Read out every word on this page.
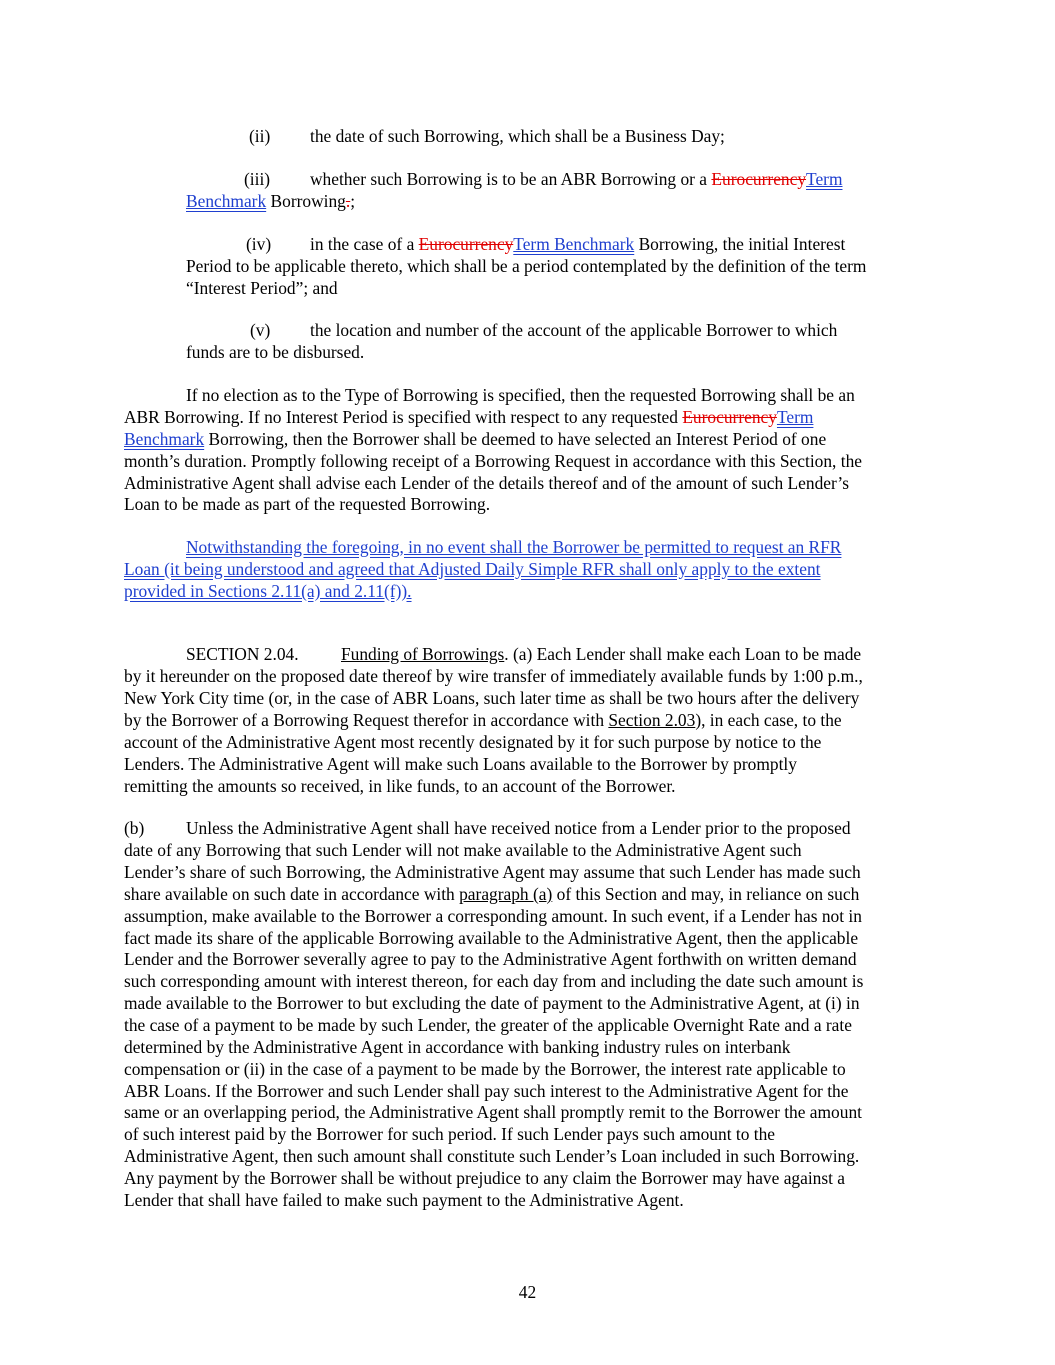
(ii) the date of such Borrowing, which shall be a Business Day;
(iii) whether such Borrowing is to be an ABR Borrowing or a EurocurrencyTerm
Benchmark Borrowing.;
(iv) in the case of a EurocurrencyTerm Benchmark Borrowing, the initial Interest
Period to be applicable thereto, which shall be a period contemplated by the definition of the term
“Interest Period”; and
(v) the location and number of the account of the applicable Borrower to which
funds are to be disbursed.
If no election as to the Type of Borrowing is specified, then the requested Borrowing shall be an
ABR Borrowing. If no Interest Period is specified with respect to any requested EurocurrencyTerm
Benchmark Borrowing, then the Borrower shall be deemed to have selected an Interest Period of one
month’s duration. Promptly following receipt of a Borrowing Request in accordance with this Section, the
Administrative Agent shall advise each Lender of the details thereof and of the amount of such Lender’s
Loan to be made as part of the requested Borrowing.
Notwithstanding the foregoing, in no event shall the Borrower be permitted to request an RFR
Loan (it being understood and agreed that Adjusted Daily Simple RFR shall only apply to the extent
provided in Sections 2.11(a) and 2.11(f)).
SECTION 2.04. Funding of Borrowings. (a) Each Lender shall make each Loan to be made
by it hereunder on the proposed date thereof by wire transfer of immediately available funds by 1:00 p.m.,
New York City time (or, in the case of ABR Loans, such later time as shall be two hours after the delivery
by the Borrower of a Borrowing Request therefor in accordance with Section 2.03), in each case, to the
account of the Administrative Agent most recently designated by it for such purpose by notice to the
Lenders. The Administrative Agent will make such Loans available to the Borrower by promptly
remitting the amounts so received, in like funds, to an account of the Borrower.
(b) Unless the Administrative Agent shall have received notice from a Lender prior to the proposed
date of any Borrowing that such Lender will not make available to the Administrative Agent such
Lender’s share of such Borrowing, the Administrative Agent may assume that such Lender has made such
share available on such date in accordance with paragraph (a) of this Section and may, in reliance on such
assumption, make available to the Borrower a corresponding amount. In such event, if a Lender has not in
fact made its share of the applicable Borrowing available to the Administrative Agent, then the applicable
Lender and the Borrower severally agree to pay to the Administrative Agent forthwith on written demand
such corresponding amount with interest thereon, for each day from and including the date such amount is
made available to the Borrower to but excluding the date of payment to the Administrative Agent, at (i) in
the case of a payment to be made by such Lender, the greater of the applicable Overnight Rate and a rate
determined by the Administrative Agent in accordance with banking industry rules on interbank
compensation or (ii) in the case of a payment to be made by the Borrower, the interest rate applicable to
ABR Loans. If the Borrower and such Lender shall pay such interest to the Administrative Agent for the
same or an overlapping period, the Administrative Agent shall promptly remit to the Borrower the amount
of such interest paid by the Borrower for such period. If such Lender pays such amount to the
Administrative Agent, then such amount shall constitute such Lender’s Loan included in such Borrowing.
Any payment by the Borrower shall be without prejudice to any claim the Borrower may have against a
Lender that shall have failed to make such payment to the Administrative Agent.
42
